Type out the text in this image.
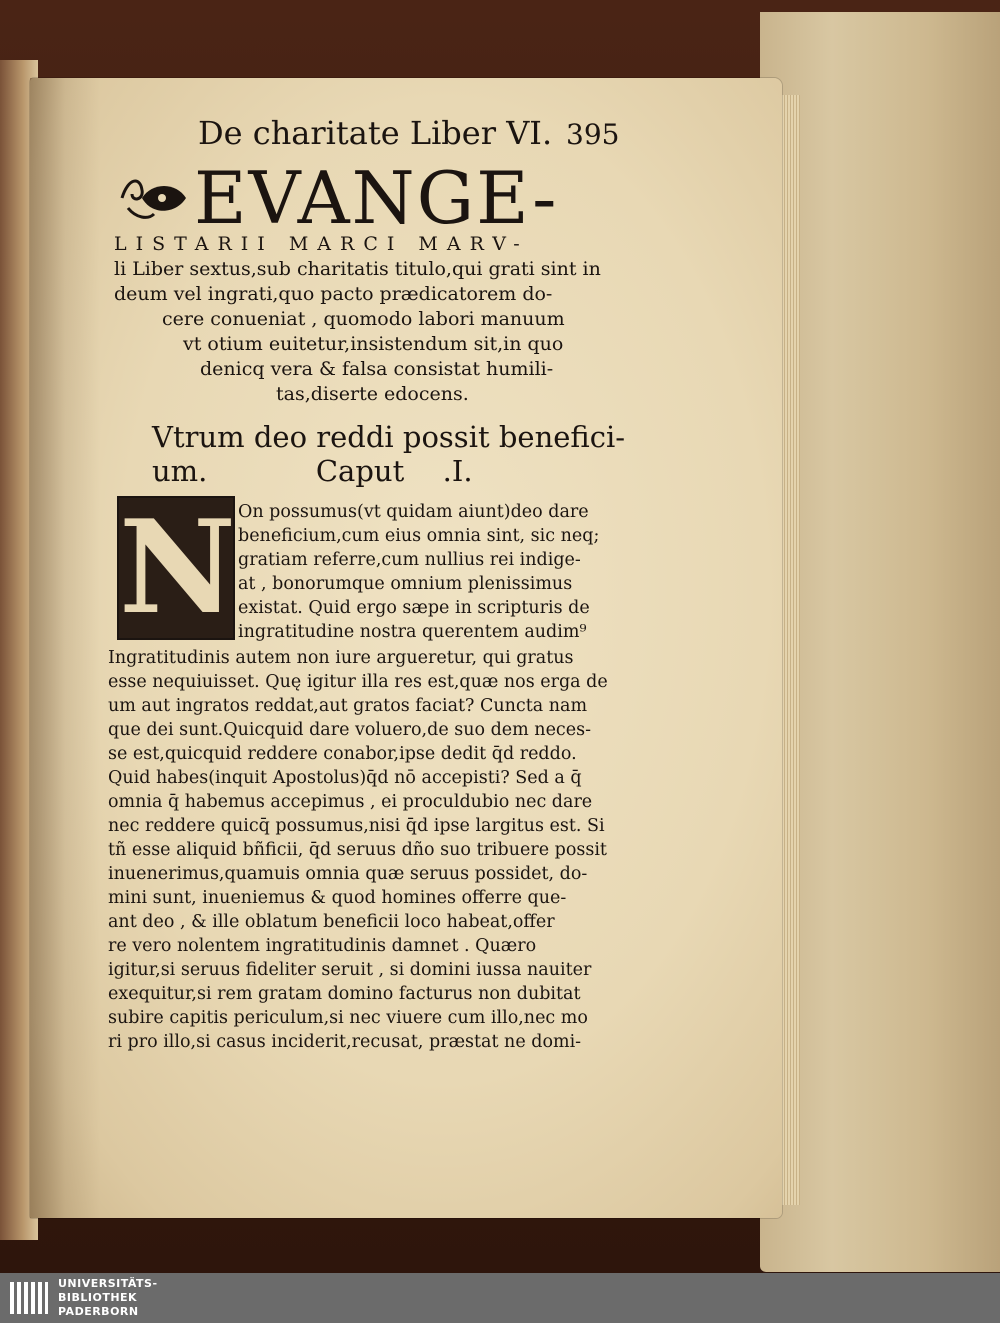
De charitate Liber VI. 395
EVANGE-
LISTARII MARCI MARV-
li Liber sextus,sub charitatis titulo,qui grati sint in
deum vel ingrati,quo pacto prædicatorem do-
cere conueniat , quomodo labori manuum
vt otium euitetur,insistendum sit,in quo
denicq vera & falsa consistat humili-
tas,diserte edocens.
Vtrum deo reddi possit benefici-
um.	Caput .I.
N On possumus(vt quidam aiunt)deo dare
beneficium,cum eius omnia sint, sic neq;
gratiam referre,cum nullius rei indige-
at , bonorumque omnium plenissimus
existat. Quid ergo sæpe in scripturis de
ingratitudine nostra querentem audim⁹
Ingratitudinis autem non iure argueretur, qui gratus
esse nequiuisset. Quę igitur illa res est,quæ nos erga de
um aut ingratos reddat,aut gratos faciat? Cuncta nam
que dei sunt.Quicquid dare voluero,de suo dem neces-
se est,quicquid reddere conabor,ipse dedit q̄d reddo.
Quid habes(inquit Apostolus)q̄d nō accepisti? Sed a q̄
omnia q̄ habemus accepimus , ei proculdubio nec dare
nec reddere quicq̄ possumus,nisi q̄d ipse largitus est. Si
tñ esse aliquid bñficii, q̄d seruus dño suo tribuere possit
inuenerimus,quamuis omnia quæ seruus possidet, do-
mini sunt, inueniemus & quod homines offerre que-
ant deo , & ille oblatum beneficii loco habeat,offer
re vero nolentem ingratitudinis damnet . Quæro
igitur,si seruus fideliter seruit , si domini iussa nauiter
exequitur,si rem gratam domino facturus non dubitat
subire capitis periculum,si nec viuere cum illo,nec mo
ri pro illo,si casus inciderit,recusat, præstat ne domi-
UNIVERSITÄTS-
BIBLIOTHEK
PADERBORN
